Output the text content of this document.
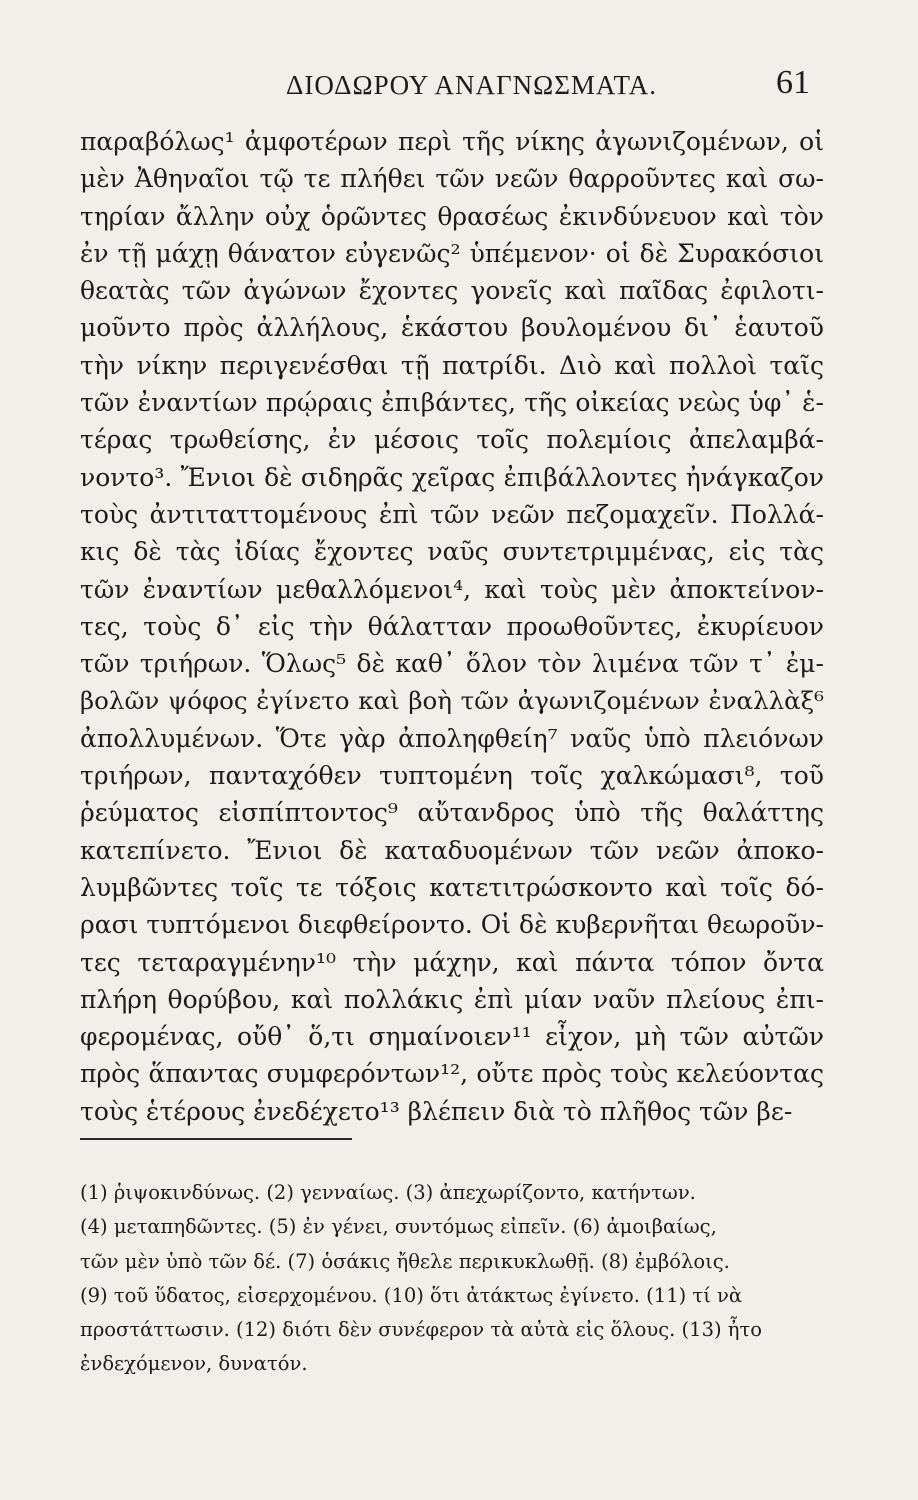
ΔΙΟΔΩΡΟΥ ΑΝΑΓΝΩΣΜΑΤΑ.	61
παραβόλως¹ ἀμφοτέρων περὶ τῆς νίκης ἀγωνιζομένων, οἱ
μὲν Ἀθηναῖοι τῷ τε πλήθει τῶν νεῶν θαρροῦντες καὶ σω-
τηρίαν ἄλλην οὐχ ὁρῶντες θρασέως ἐκινδύνευον καὶ τὸν
ἐν τῇ μάχῃ θάνατον εὐγενῶς² ὑπέμενον· οἱ δὲ Συρακόσιοι
θεατὰς τῶν ἀγώνων ἔχοντες γονεῖς καὶ παῖδας ἐφιλοτι-
μοῦντο πρὸς ἀλλήλους, ἑκάστου βουλομένου δι᾽ ἑαυτοῦ
τὴν νίκην περιγενέσθαι τῇ πατρίδι. Διὸ καὶ πολλοὶ ταῖς
τῶν ἐναντίων πρῴραις ἐπιβάντες, τῆς οἰκείας νεὼς ὑφ᾽ ἑ-
τέρας τρωθείσης, ἐν μέσοις τοῖς πολεμίοις ἀπελαμβά-
νοντο³. Ἔνιοι δὲ σιδηρᾶς χεῖρας ἐπιβάλλοντες ἠνάγκαζον
τοὺς ἀντιταττομένους ἐπὶ τῶν νεῶν πεζομαχεῖν. Πολλά-
κις δὲ τὰς ἰδίας ἔχοντες ναῦς συντετριμμένας, εἰς τὰς
τῶν ἐναντίων μεθαλλόμενοι⁴, καὶ τοὺς μὲν ἀποκτείνον-
τες, τοὺς δ᾽ εἰς τὴν θάλατταν προωθοῦντες, ἐκυρίευον
τῶν τριήρων. Ὅλως⁵ δὲ καθ᾽ ὅλον τὸν λιμένα τῶν τ᾽ ἐμ-
βολῶν ψόφος ἐγίνετο καὶ βοὴ τῶν ἀγωνιζομένων ἐναλλὰξ⁶
ἀπολλυμένων. Ὅτε γὰρ ἀποληφθείη⁷ ναῦς ὑπὸ πλειόνων
τριήρων, πανταχόθεν τυπτομένη τοῖς χαλκώμασι⁸, τοῦ
ῥεύματος εἰσπίπτοντος⁹ αὔτανδρος ὑπὸ τῆς θαλάττης
κατεπίνετο. Ἔνιοι δὲ καταδυομένων τῶν νεῶν ἀποκο-
λυμβῶντες τοῖς τε τόξοις κατετιτρώσκοντο καὶ τοῖς δό-
ρασι τυπτόμενοι διεφθείροντο. Οἱ δὲ κυβερνῆται θεωροῦν-
τες τεταραγμένην¹⁰ τὴν μάχην, καὶ πάντα τόπον ὄντα
πλήρη θορύβου, καὶ πολλάκις ἐπὶ μίαν ναῦν πλείους ἐπι-
φερομένας, οὔθ᾽ ὅ,τι σημαίνοιεν¹¹ εἶχον, μὴ τῶν αὐτῶν
πρὸς ἅπαντας συμφερόντων¹², οὔτε πρὸς τοὺς κελεύοντας
τοὺς ἑτέρους ἐνεδέχετο¹³ βλέπειν διὰ τὸ πλῆθος τῶν βε-
(1) ῥιψοκινδύνως. (2) γενναίως. (3) ἀπεχωρίζοντο, κατήντων.
(4) μεταπηδῶντες. (5) ἐν γένει, συντόμως εἰπεῖν. (6) ἀμοιβαίως,
τῶν μὲν ὑπὸ τῶν δέ. (7) ὁσάκις ἤθελε περικυκλωθῇ. (8) ἐμβόλοις.
(9) τοῦ ὕδατος, εἰσερχομένου. (10) ὅτι ἀτάκτως ἐγίνετο. (11) τί νὰ
προστάττωσιν. (12) διότι δὲν συνέφερον τὰ αὐτὰ εἰς ὅλους. (13) ἦτο
ἐνδεχόμενον, δυνατόν.
